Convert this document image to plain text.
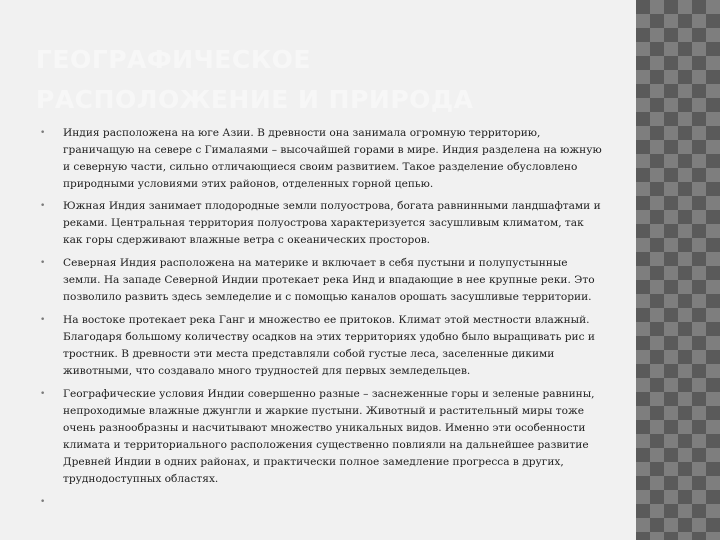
ГЕОГРАФИЧЕСКОЕ
РАСПОЛОЖЕНИЕ И ПРИРОДА
• Индия расположена на юге Азии. В древности она занимала огромную территорию, граничащую на севере с Гималаями – высочайшей горами в мире. Индия разделена на южную и северную части, сильно отличающиеся своим развитием. Такое разделение обусловлено природными условиями этих районов, отделенных горной цепью.
• Южная Индия занимает плодородные земли полуострова, богата равнинными ландшафтами и реками. Центральная территория полуострова характеризуется засушливым климатом, так как горы сдерживают влажные ветра с океанических просторов.
• Северная Индия расположена на материке и включает в себя пустыни и полупустынные земли. На западе Северной Индии протекает река Инд и впадающие в нее крупные реки. Это позволило развить здесь земледелие и с помощью каналов орошать засушливые территории.
• На востоке протекает река Ганг и множество ее притоков. Климат этой местности влажный. Благодаря большому количеству осадков на этих территориях удобно было выращивать рис и тростник. В древности эти места представляли собой густые леса, заселенные дикими животными, что создавало много трудностей для первых земледельцев.
• Географические условия Индии совершенно разные – заснеженные горы и зеленые равнины, непроходимые влажные джунгли и жаркие пустыни. Животный и растительный миры тоже очень разнообразны и насчитывают множество уникальных видов. Именно эти особенности климата и территориального расположения существенно повлияли на дальнейшее развитие Древней Индии в одних районах, и практически полное замедление прогресса в других, труднодоступных областях.
•
